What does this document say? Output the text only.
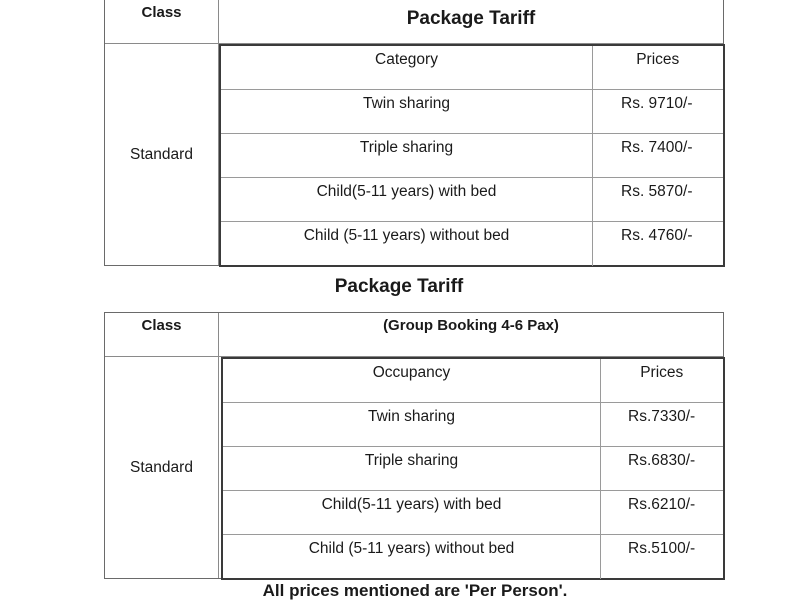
Class	Package Tariff
Standard
Category	Prices
Twin sharing	Rs. 9710/-
Triple sharing	Rs. 7400/-
Child(5-11 years) with bed	Rs. 5870/-
Child (5-11 years) without bed	Rs. 4760/-
Package Tariff
Class	(Group Booking 4-6 Pax)
Standard
Occupancy	Prices
Twin sharing	Rs.7330/-
Triple sharing	Rs.6830/-
Child(5-11 years) with bed	Rs.6210/-
Child (5-11 years) without bed	Rs.5100/-
All prices mentioned are 'Per Person'.
